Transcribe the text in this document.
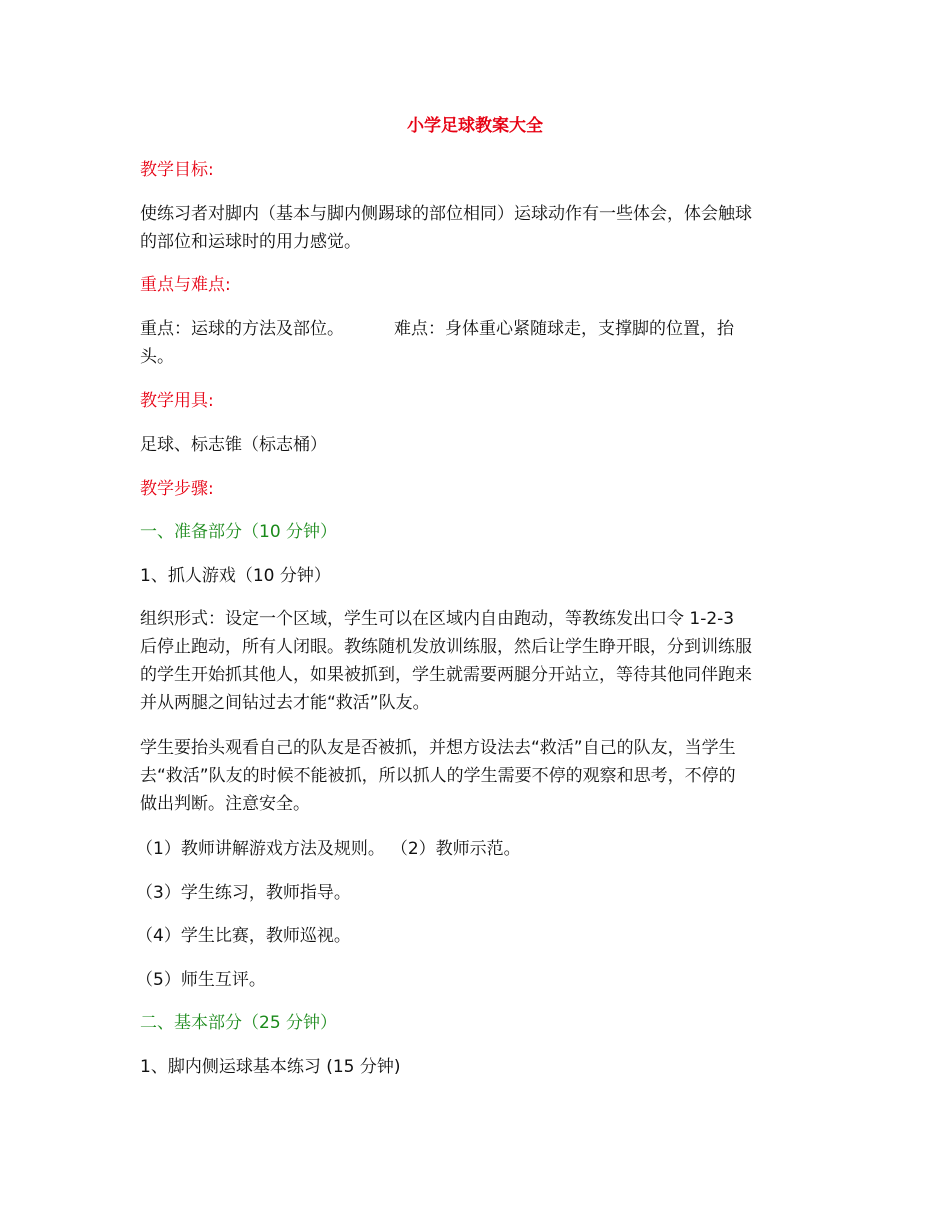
小学足球教案大全
教学目标:
使练习者对脚内（基本与脚内侧踢球的部位相同）运球动作有一些体会，体会触球
的部位和运球时的用力感觉。
重点与难点:
重点：运球的方法及部位。	难点：身体重心紧随球走，支撑脚的位置，抬
头。
教学用具:
足球、标志锥（标志桶）
教学步骤:
一、准备部分（10 分钟）
1、抓人游戏（10 分钟）
组织形式：设定一个区域，学生可以在区域内自由跑动，等教练发出口令 1-2-3
后停止跑动，所有人闭眼。教练随机发放训练服，然后让学生睁开眼，分到训练服
的学生开始抓其他人，如果被抓到，学生就需要两腿分开站立，等待其他同伴跑来
并从两腿之间钻过去才能“救活”队友。
学生要抬头观看自己的队友是否被抓，并想方设法去“救活”自己的队友，当学生
去“救活”队友的时候不能被抓，所以抓人的学生需要不停的观察和思考，不停的
做出判断。注意安全。
（1）教师讲解游戏方法及规则。 （2）教师示范。
（3）学生练习，教师指导。
（4）学生比赛，教师巡视。
（5）师生互评。
二、基本部分（25 分钟）
1、脚内侧运球基本练习 (15 分钟)
